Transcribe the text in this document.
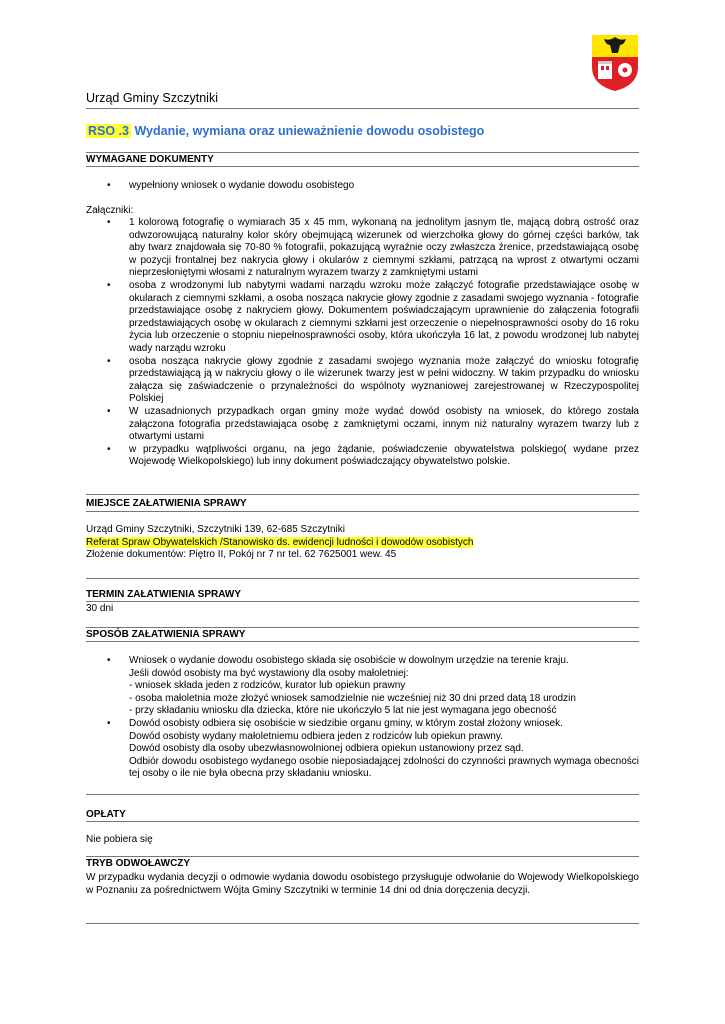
Urząd Gminy Szczytniki
RSO .3 Wydanie, wymiana oraz unieważnienie dowodu osobistego
WYMAGANE DOKUMENTY
• wypełniony wniosek o wydanie dowodu osobistego
Załączniki:
• 1 kolorową fotografię o wymiarach 35 x 45 mm, wykonaną na jednolitym jasnym tle, mającą dobrą ostrość oraz odwzorowującą naturalny kolor skóry obejmującą wizerunek od wierzchołka głowy do górnej części barków, tak aby twarz znajdowała się 70-80 % fotografii, pokazującą wyraźnie oczy zwłaszcza źrenice, przedstawiającą osobę w pozycji frontalnej bez nakrycia głowy i okularów z ciemnymi szkłami, patrzącą na wprost z otwartymi oczami nieprzesłoniętymi włosami z naturalnym wyrazem twarzy z zamkniętymi ustami
• osoba z wrodzonymi lub nabytymi wadami narządu wzroku może załączyć fotografie przedstawiające osobę w okularach z ciemnymi szkłami, a osoba nosząca nakrycie głowy zgodnie z zasadami swojego wyznania - fotografie przedstawiające osobę z nakryciem głowy. Dokumentem poświadczającym uprawnienie do załączenia fotografii przedstawiających osobę w okularach z ciemnymi szkłami jest orzeczenie o niepełnosprawności osoby do 16 roku życia lub orzeczenie o stopniu niepełnosprawności osoby, która ukończyła 16 lat, z powodu wrodzonej lub nabytej wady narządu wzroku
• osoba nosząca nakrycie głowy zgodnie z zasadami swojego wyznania może załączyć do wniosku fotografię przedstawiającą ją w nakryciu głowy o ile wizerunek twarzy jest w pełni widoczny. W takim przypadku do wniosku załącza się zaświadczenie o przynależności do wspólnoty wyznaniowej zarejestrowanej w Rzeczypospolitej Polskiej
• W uzasadnionych przypadkach organ gminy może wydać dowód osobisty na wniosek, do którego została załączona fotografia przedstawiająca osobę z zamkniętymi oczami, innym niż naturalny wyrazem twarzy lub z otwartymi ustami
• w przypadku wątpliwości organu, na jego żądanie, poświadczenie obywatelstwa polskiego( wydane przez Wojewodę Wielkopolskiego) lub inny dokument poświadczający obywatelstwo polskie.
MIEJSCE ZAŁATWIENIA SPRAWY
Urząd Gminy Szczytniki, Szczytniki 139, 62-685 Szczytniki
Referat Spraw Obywatelskich /Stanowisko ds. ewidencji ludności i dowodów osobistych
Złożenie dokumentów: Piętro II, Pokój nr 7 nr tel. 62 7625001 wew. 45
TERMIN ZAŁATWIENIA SPRAWY
30 dni
SPOSÓB ZAŁATWIENIA SPRAWY
• Wniosek o wydanie dowodu osobistego składa się osobiście w dowolnym urzędzie na terenie kraju.
Jeśli dowód osobisty ma być wystawiony dla osoby małoletniej:
- wniosek składa jeden z rodziców, kurator lub opiekun prawny
- osoba małoletnia może złożyć wniosek samodzielnie nie wcześniej niż 30 dni przed datą 18 urodzin
- przy składaniu wniosku dla dziecka, które nie ukończyło 5 lat nie jest wymagana jego obecność
• Dowód osobisty odbiera się osobiście w siedzibie organu gminy, w którym został złożony wniosek.
Dowód osobisty wydany małoletniemu odbiera jeden z rodziców lub opiekun prawny.
Dowód osobisty dla osoby ubezwłasnowolnionej odbiera opiekun ustanowiony przez sąd.
Odbiór dowodu osobistego wydanego osobie nieposiadającej zdolności do czynności prawnych wymaga obecności tej osoby o ile nie była obecna przy składaniu wniosku.
OPŁATY
Nie pobiera się
TRYB ODWOŁAWCZY
W przypadku wydania decyzji o odmowie wydania dowodu osobistego przysługuje odwołanie do Wojewody Wielkopolskiego w Poznaniu za pośrednictwem Wójta Gminy Szczytniki w terminie 14 dni od dnia doręczenia decyzji.
